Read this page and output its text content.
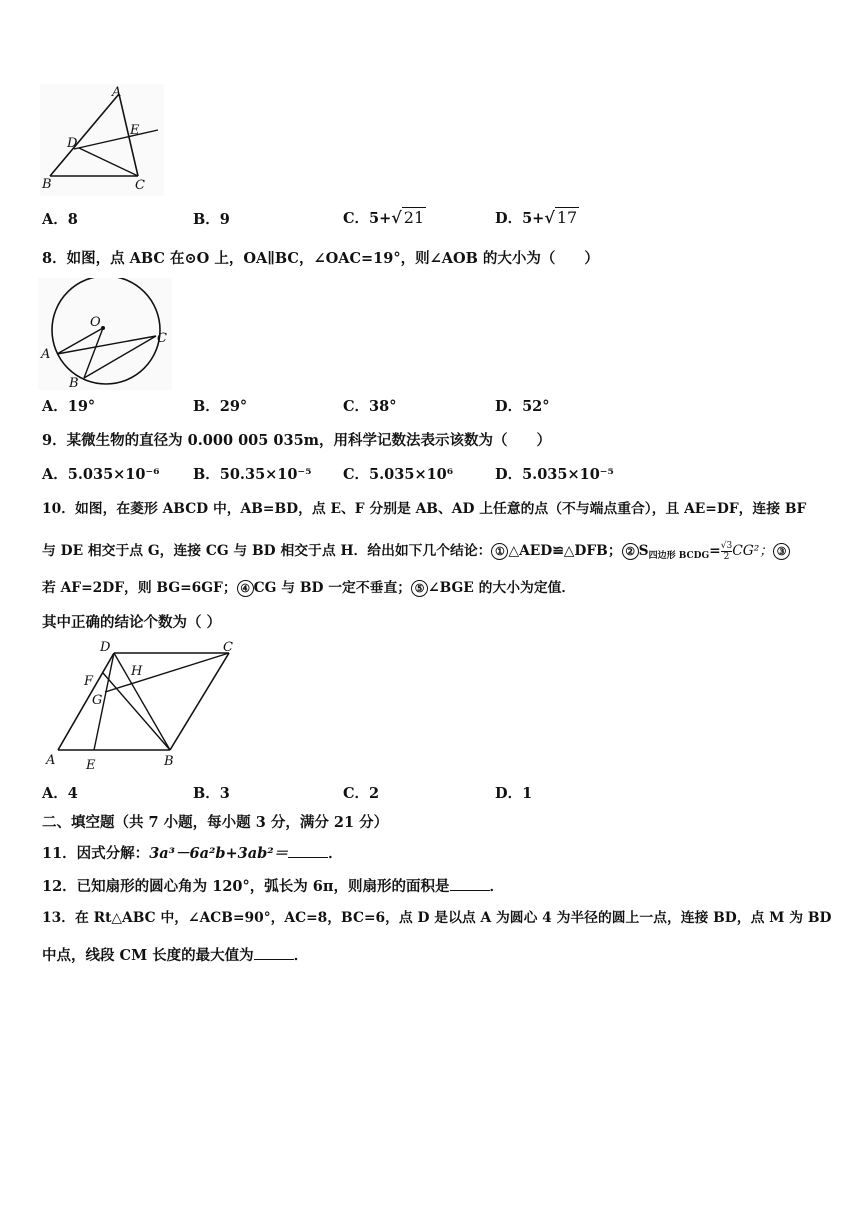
A
D
E
B	C
A．8	B．9	C．5+√ 21	D．5+√ 17
8．如图，点 ABC 在⊙O 上，OA∥BC，∠OAC=19°，则∠AOB 的大小为（　　）
O
C
A
B
A．19°	B．29°	C．38°	D．52°
9．某微生物的直径为 0.000 005 035m，用科学记数法表示该数为（　　）
A．5.035×10⁻⁶ B．50.35×10⁻⁵ C．5.035×10⁶	D．5.035×10⁻⁵
10．如图，在菱形 ABCD 中，AB=BD，点 E、F 分别是 AB、AD 上任意的点（不与端点重合），且 AE=DF，连接 BF
与 DE 相交于点 G，连接 CG 与 BD 相交于点 H．给出如下几个结论： ① △AED≌△DFB； ② $S_{四边形 BCDG}= \frac{√3}{2} CG^2$； ③
若 AF=2DF，则 BG=6GF； ④ CG 与 BD 一定不垂直； ⑤ ∠BGE 的大小为定值．
其中正确的结论个数为（ ）
D	C
H
F
G
A E	B
A．4	B．3	C．2	D．1
二、填空题（共 7 小题，每小题 3 分，满分 21 分）
11．因式分解：3a³－6a²b+3ab²＝	．
12．已知扇形的圆心角为 120°，弧长为 6π，则扇形的面积是	．
13．在 Rt△ABC 中，∠ACB=90°，AC=8，BC=6，点 D 是以点 A 为圆心 4 为半径的圆上一点，连接 BD，点 M 为 BD
中点，线段 CM 长度的最大值为	．
